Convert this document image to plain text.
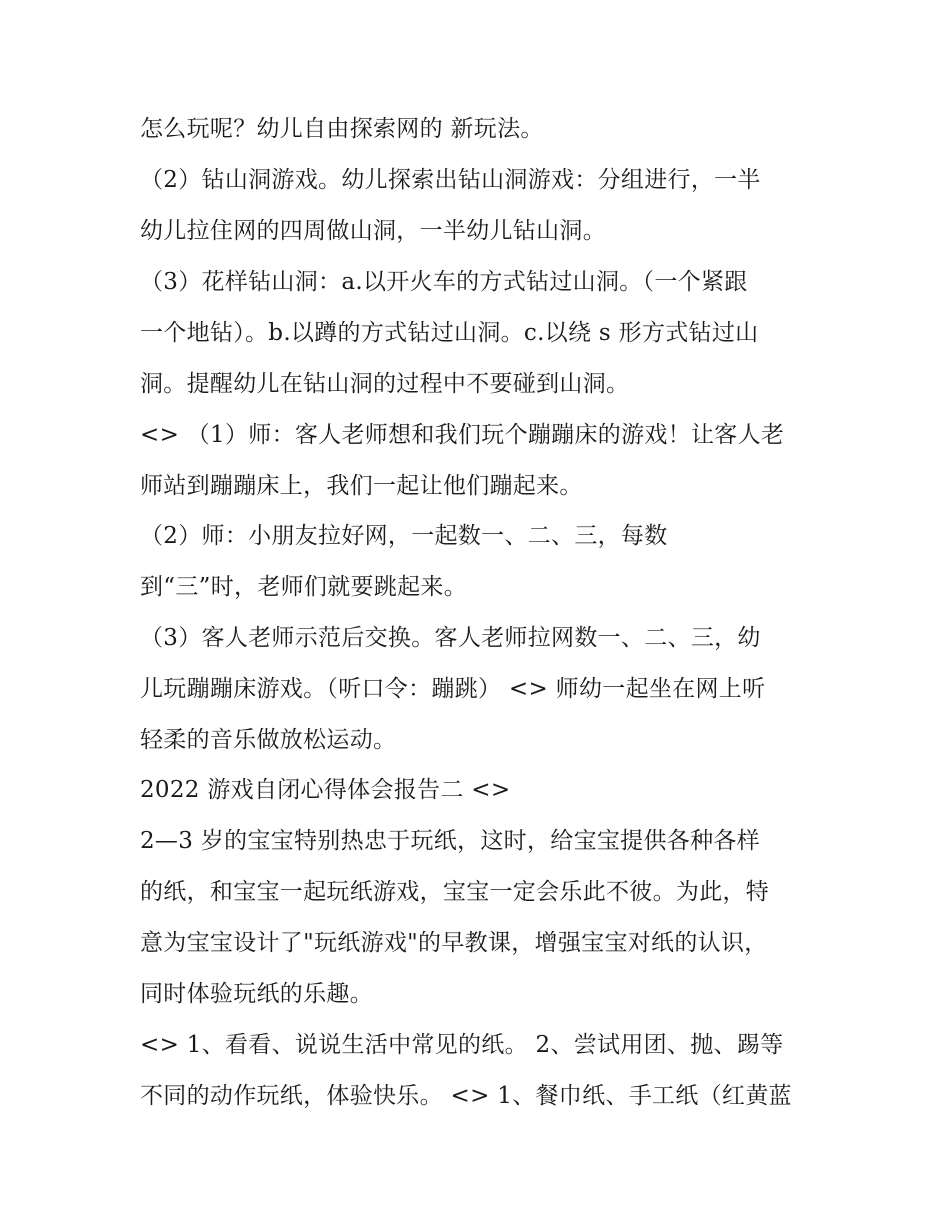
怎么玩呢？幼儿自由探索网的 新玩法。
（2）钻山洞游戏。幼儿探索出钻山洞游戏：分组进行，一半
幼儿拉住网的四周做山洞，一半幼儿钻山洞。
（3）花样钻山洞：a.以开火车的方式钻过山洞。（一个紧跟
一个地钻）。b.以蹲的方式钻过山洞。c.以绕 s 形方式钻过山
洞。提醒幼儿在钻山洞的过程中不要碰到山洞。
<> （1）师：客人老师想和我们玩个蹦蹦床的游戏！让客人老
师站到蹦蹦床上，我们一起让他们蹦起来。
（2）师：小朋友拉好网，一起数一、二、三，每数
到“三”时，老师们就要跳起来。
（3）客人老师示范后交换。客人老师拉网数一、二、三，幼
儿玩蹦蹦床游戏。（听口令：蹦跳） <> 师幼一起坐在网上听
轻柔的音乐做放松运动。
2022 游戏自闭心得体会报告二 <>
2—3 岁的宝宝特别热忠于玩纸，这时，给宝宝提供各种各样
的纸，和宝宝一起玩纸游戏，宝宝一定会乐此不彼。为此，特
意为宝宝设计了"玩纸游戏"的早教课，增强宝宝对纸的认识，
同时体验玩纸的乐趣。
<> 1、看看、说说生活中常见的纸。 2、尝试用团、抛、踢等
不同的动作玩纸，体验快乐。 <> 1、餐巾纸、手工纸（红黄蓝
